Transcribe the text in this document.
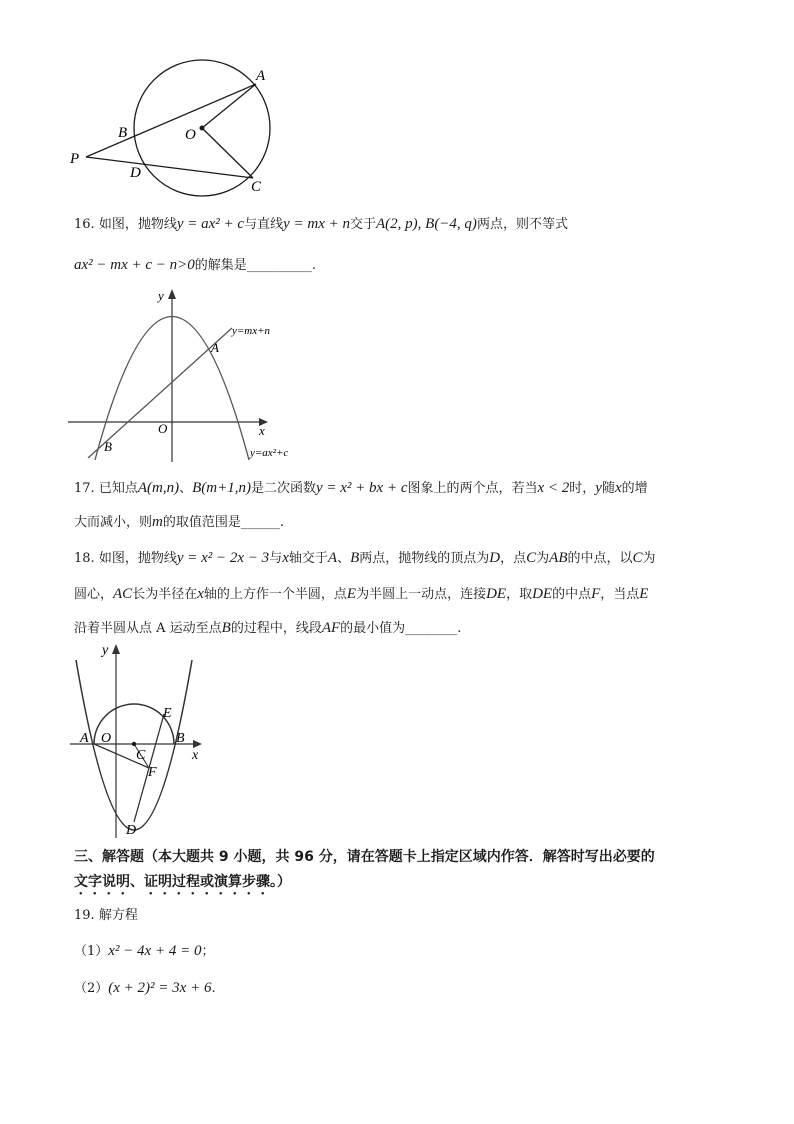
A
B	O
P
D
C
16. 如图，抛物线y = ax² + c与直线y = mx + n交于A(2, p), B(−4, q)两点，则不等式
ax² − mx + c − n>0的解集是__________.
y
x
O
A
B
y=mx+n
y=ax²+c
17. 已知点A(m,n)、B(m+1,n)是二次函数y = x² + bx + c图象上的两个点，若当x < 2时，y随x的增
大而减小，则m的取值范围是______.
18. 如图，抛物线y = x² − 2x − 3与x轴交于A、B两点，抛物线的顶点为D，点C为AB的中点，以C为
圆心，AC长为半径在x轴的上方作一个半圆，点E为半圆上一动点，连接DE，取DE的中点F，当点E
沿着半圆从点 A 运动至点B的过程中，线段AF的最小值为________.
y
x
A O
C
B
E
F
D
三、解答题（本大题共 9 小题，共 96 分，请在答题卡上指定区域内作答．解答时写出必要的
文字说明、证明过程或演算步骤。）
19. 解方程
（1）x² − 4x + 4 = 0；
（2）(x + 2)² = 3x + 6.
